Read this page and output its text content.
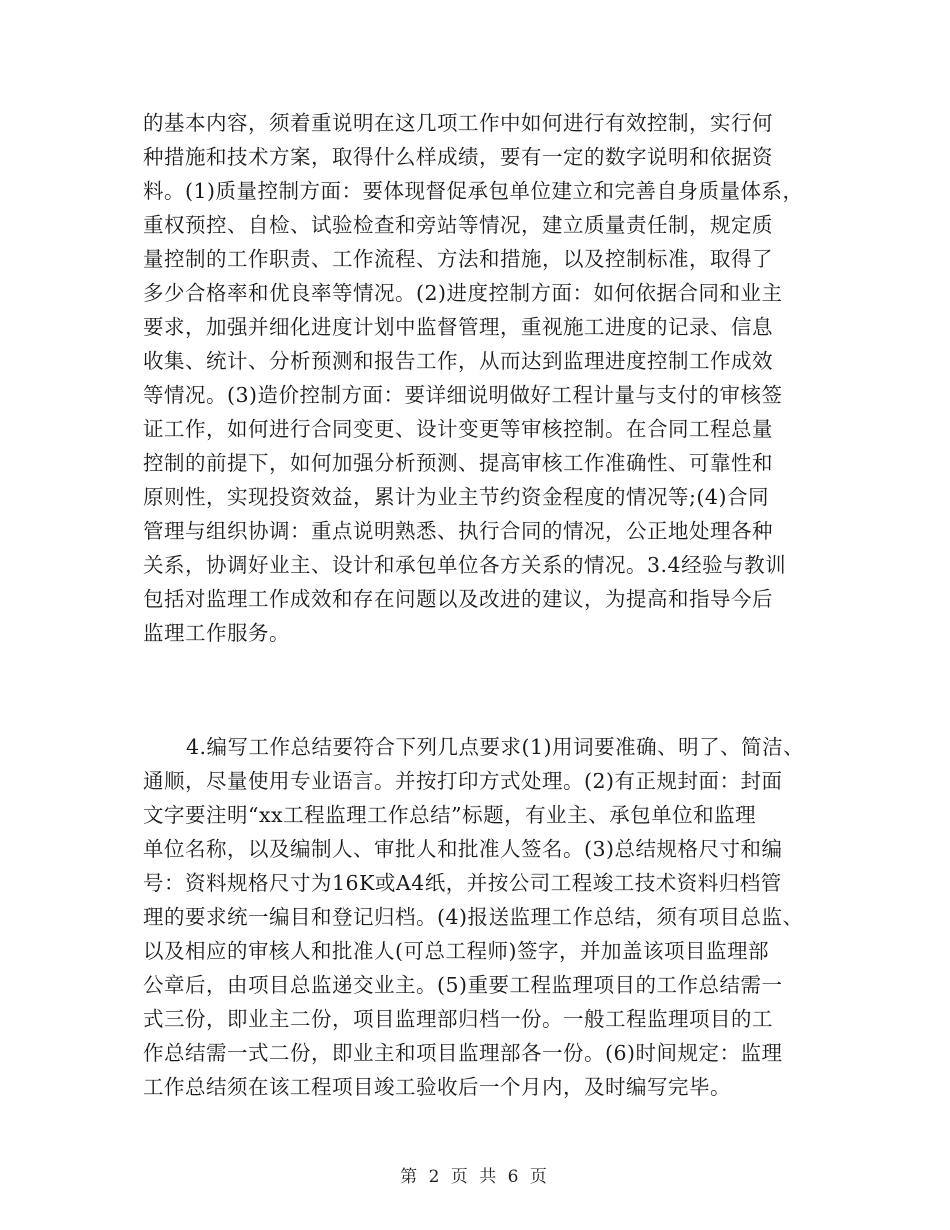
的基本内容，须着重说明在这几项工作中如何进行有效控制，实行何
种措施和技术方案，取得什么样成绩，要有一定的数字说明和依据资
料。(1)质量控制方面：要体现督促承包单位建立和完善自身质量体系，
重权预控、自检、试验检查和旁站等情况，建立质量责任制，规定质
量控制的工作职责、工作流程、方法和措施，以及控制标准，取得了
多少合格率和优良率等情况。(2)进度控制方面：如何依据合同和业主
要求，加强并细化进度计划中监督管理，重视施工进度的记录、信息
收集、统计、分析预测和报告工作，从而达到监理进度控制工作成效
等情况。(3)造价控制方面：要详细说明做好工程计量与支付的审核签
证工作，如何进行合同变更、设计变更等审核控制。在合同工程总量
控制的前提下，如何加强分析预测、提高审核工作准确性、可靠性和
原则性，实现投资效益，累计为业主节约资金程度的情况等;(4)合同
管理与组织协调：重点说明熟悉、执行合同的情况，公正地处理各种
关系，协调好业主、设计和承包单位各方关系的情况。3.4经验与教训
包括对监理工作成效和存在问题以及改进的建议，为提高和指导今后
监理工作服务。
4.编写工作总结要符合下列几点要求(1)用词要准确、明了、简洁、
通顺，尽量使用专业语言。并按打印方式处理。(2)有正规封面：封面
文字要注明“xx工程监理工作总结”标题，有业主、承包单位和监理
单位名称，以及编制人、审批人和批准人签名。(3)总结规格尺寸和编
号：资料规格尺寸为16K或A4纸，并按公司工程竣工技术资料归档管
理的要求统一编目和登记归档。(4)报送监理工作总结，须有项目总监、
以及相应的审核人和批准人(可总工程师)签字，并加盖该项目监理部
公章后，由项目总监递交业主。(5)重要工程监理项目的工作总结需一
式三份，即业主二份，项目监理部归档一份。一般工程监理项目的工
作总结需一式二份，即业主和项目监理部各一份。(6)时间规定：监理
工作总结须在该工程项目竣工验收后一个月内，及时编写完毕。
第 2 页 共 6 页
